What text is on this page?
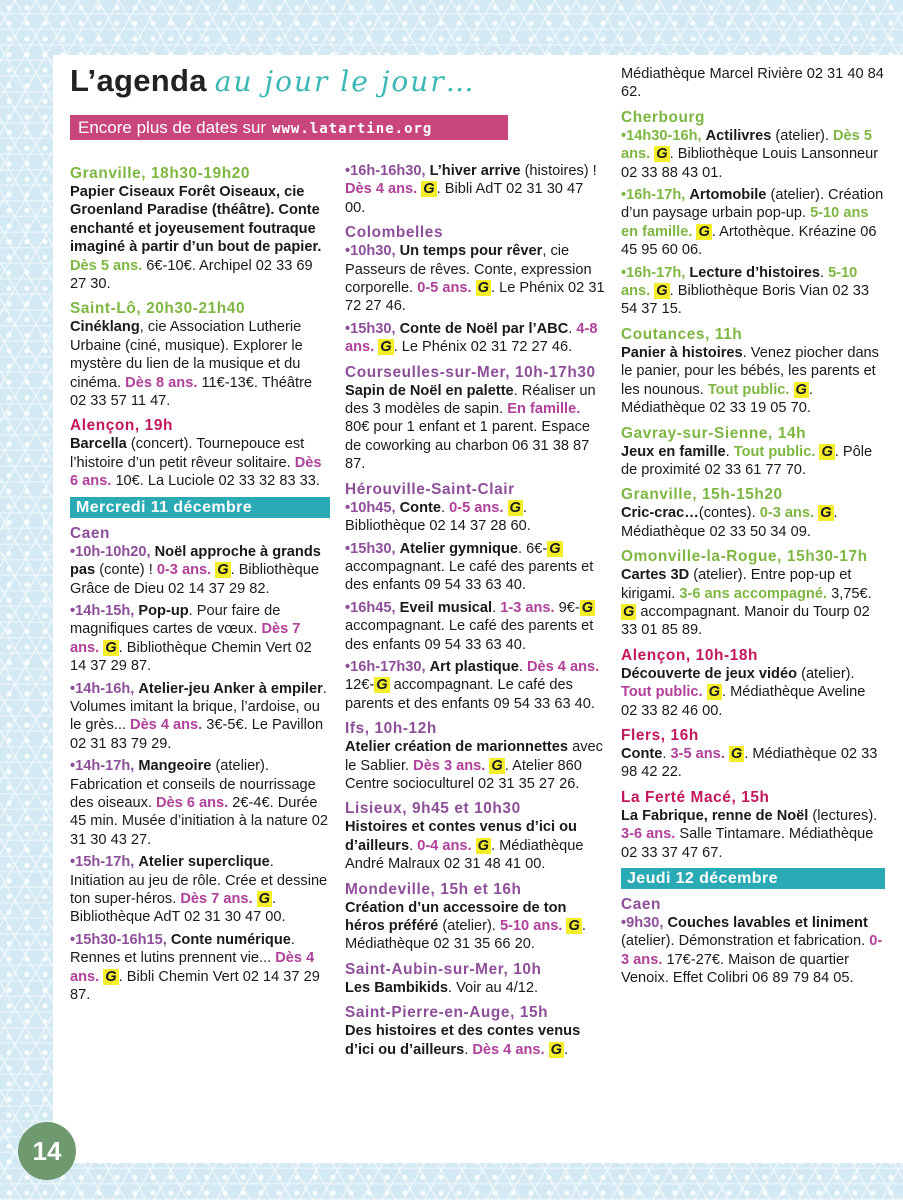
L’agenda au jour le jour…
Encore plus de dates sur www.latartine.org
Granville, 18h30-19h20
Papier Ciseaux Forêt Oiseaux, cie Groenland Paradise (théâtre). Conte enchanté et joyeusement foutraque imaginé à partir d’un bout de papier. Dès 5 ans. 6€-10€. Archipel 02 33 69 27 30.
Saint-Lô, 20h30-21h40
Cinéklang, cie Association Lutherie Urbaine (ciné, musique). Explorer le mystère du lien de la musique et du cinéma. Dès 8 ans. 11€-13€. Théâtre 02 33 57 11 47.
Alençon, 19h
Barcella (concert). Tournepouce est l’histoire d’un petit rêveur solitaire. Dès 6 ans. 10€. La Luciole 02 33 32 83 33.
Mercredi 11 décembre
Caen
•10h-10h20, Noël approche à grands pas (conte) ! 0-3 ans. G . Bibliothèque Grâce de Dieu 02 14 37 29 82.
•14h-15h, Pop-up. Pour faire de magnifiques cartes de vœux. Dès 7 ans. G . Bibliothèque Chemin Vert 02 14 37 29 87.
•14h-16h, Atelier-jeu Anker à empiler. Volumes imitant la brique, l’ardoise, ou le grès... Dès 4 ans. 3€-5€. Le Pavillon 02 31 83 79 29.
•14h-17h, Mangeoire (atelier). Fabrication et conseils de nourrissage des oiseaux. Dès 6 ans. 2€-4€. Durée 45 min. Musée d’initiation à la nature 02 31 30 43 27.
•15h-17h, Atelier superclique. Initiation au jeu de rôle. Crée et dessine ton super-héros. Dès 7 ans. G . Bibliothèque AdT 02 31 30 47 00.
•15h30-16h15, Conte numérique. Rennes et lutins prennent vie... Dès 4 ans. G . Bibli Chemin Vert 02 14 37 29 87.
•16h-16h30, L’hiver arrive (histoires) ! Dès 4 ans. G . Bibli AdT 02 31 30 47 00.
Colombelles
•10h30, Un temps pour rêver, cie Passeurs de rêves. Conte, expression corporelle. 0-5 ans. G . Le Phénix 02 31 72 27 46.
•15h30, Conte de Noël par l’ABC. 4-8 ans. G . Le Phénix 02 31 72 27 46.
Courseulles-sur-Mer, 10h-17h30
Sapin de Noël en palette. Réaliser un des 3 modèles de sapin. En famille. 80€ pour 1 enfant et 1 parent. Espace de coworking au charbon 06 31 38 87 87.
Hérouville-Saint-Clair
•10h45, Conte. 0-5 ans. G . Bibliothèque 02 14 37 28 60.
•15h30, Atelier gymnique. 6€- G accompagnant. Le café des parents et des enfants 09 54 33 63 40.
•16h45, Eveil musical. 1-3 ans. 9€- G accompagnant. Le café des parents et des enfants 09 54 33 63 40.
•16h-17h30, Art plastique. Dès 4 ans. 12€- G accompagnant. Le café des parents et des enfants 09 54 33 63 40.
Ifs, 10h-12h
Atelier création de marionnettes avec le Sablier. Dès 3 ans. G . Atelier 860 Centre socioculturel 02 31 35 27 26.
Lisieux, 9h45 et 10h30
Histoires et contes venus d’ici ou d’ailleurs. 0-4 ans. G . Médiathèque André Malraux 02 31 48 41 00.
Mondeville, 15h et 16h
Création d’un accessoire de ton héros préféré (atelier). 5-10 ans. G . Médiathèque 02 31 35 66 20.
Saint-Aubin-sur-Mer, 10h
Les Bambikids. Voir au 4/12.
Saint-Pierre-en-Auge, 15h
Des histoires et des contes venus d’ici ou d’ailleurs. Dès 4 ans. G .
Médiathèque Marcel Rivière 02 31 40 84 62.
Cherbourg
•14h30-16h, Actilivres (atelier). Dès 5 ans. G . Bibliothèque Louis Lansonneur 02 33 88 43 01.
•16h-17h, Artomobile (atelier). Création d’un paysage urbain pop-up. 5-10 ans en famille. G . Artothèque. Kréazine 06 45 95 60 06.
•16h-17h, Lecture d’histoires. 5-10 ans. G . Bibliothèque Boris Vian 02 33 54 37 15.
Coutances, 11h
Panier à histoires. Venez piocher dans le panier, pour les bébés, les parents et les nounous. Tout public. G . Médiathèque 02 33 19 05 70.
Gavray-sur-Sienne, 14h
Jeux en famille. Tout public. G . Pôle de proximité 02 33 61 77 70.
Granville, 15h-15h20
Cric-crac…(contes). 0-3 ans. G . Médiathèque 02 33 50 34 09.
Omonville-la-Rogue, 15h30-17h
Cartes 3D (atelier). Entre pop-up et kirigami. 3-6 ans accompagné. 3,75€. G accompagnant. Manoir du Tourp 02 33 01 85 89.
Alençon, 10h-18h
Découverte de jeux vidéo (atelier). Tout public. G . Médiathèque Aveline 02 33 82 46 00.
Flers, 16h
Conte. 3-5 ans. G . Médiathèque 02 33 98 42 22.
La Ferté Macé, 15h
La Fabrique, renne de Noël (lectures). 3-6 ans. Salle Tintamare. Médiathèque 02 33 37 47 67.
Jeudi 12 décembre
Caen
•9h30, Couches lavables et liniment (atelier). Démonstration et fabrication. 0-3 ans. 17€-27€. Maison de quartier Venoix. Effet Colibri 06 89 79 84 05.
14
